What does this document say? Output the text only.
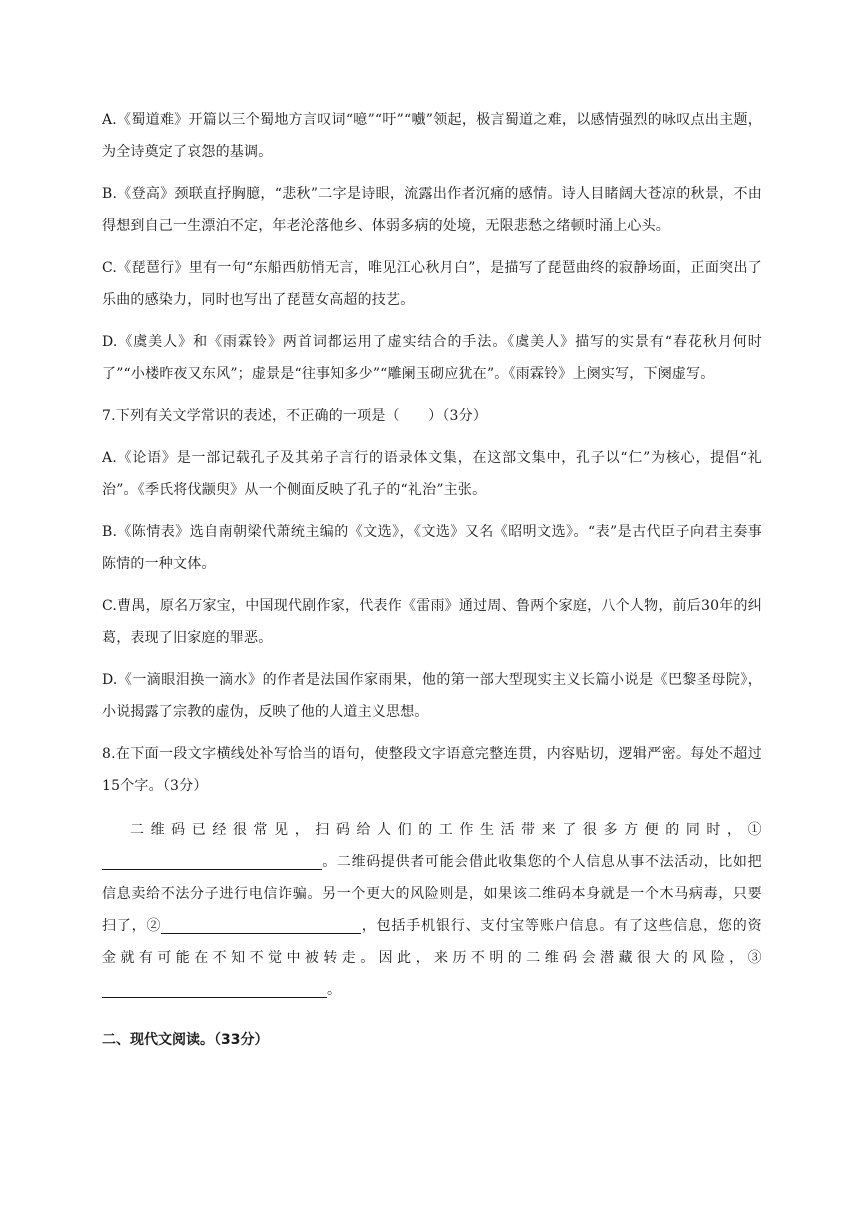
A.《蜀道难》开篇以三个蜀地方言叹词“噫”“吁”“嚱”领起，极言蜀道之难，以感情强烈的咏叹点出主题，为全诗奠定了哀怨的基调。

B.《登高》颈联直抒胸臆，“悲秋”二字是诗眼，流露出作者沉痛的感情。诗人目睹阔大苍凉的秋景，不由得想到自己一生漂泊不定，年老沦落他乡、体弱多病的处境，无限悲愁之绪顿时涌上心头。

C.《琵琶行》里有一句“东船西舫悄无言，唯见江心秋月白”，是描写了琵琶曲终的寂静场面，正面突出了乐曲的感染力，同时也写出了琵琶女高超的技艺。

D.《虞美人》和《雨霖铃》两首词都运用了虚实结合的手法。《虞美人》描写的实景有“春花秋月何时了”“小楼昨夜又东风”；虚景是“往事知多少”“雕阑玉砌应犹在”。《雨霖铃》上阕实写，下阕虚写。

7.下列有关文学常识的表述，不正确的一项是（　　）（3分）

A.《论语》是一部记载孔子及其弟子言行的语录体文集，在这部文集中，孔子以“仁”为核心，提倡“礼治”。《季氏将伐颛臾》从一个侧面反映了孔子的“礼治”主张。

B.《陈情表》选自南朝梁代萧统主编的《文选》，《文选》又名《昭明文选》。“表”是古代臣子向君主奏事陈情的一种文体。

C.曹禺，原名万家宝，中国现代剧作家，代表作《雷雨》通过周、鲁两个家庭，八个人物，前后30年的纠葛，表现了旧家庭的罪恶。

D.《一滴眼泪换一滴水》的作者是法国作家雨果，他的第一部大型现实主义长篇小说是《巴黎圣母院》，小说揭露了宗教的虚伪，反映了他的人道主义思想。

8.在下面一段文字横线处补写恰当的语句，使整段文字语意完整连贯，内容贴切，逻辑严密。每处不超过15个字。（3分）

二维码已经很常见，扫码给人们的工作生活带来了很多方便的同时，①。二维码提供者可能会借此收集您的个人信息从事不法活动，比如把信息卖给不法分子进行电信诈骗。另一个更大的风险则是，如果该二维码本身就是一个木马病毒，只要扫了，②	，包括手机银行、支付宝等账户信息。有了这些信息，您的资金就有可能在不知不觉中被转走。因此，来历不明的二维码会潜藏很大的风险，③。

二、现代文阅读。（33分）
